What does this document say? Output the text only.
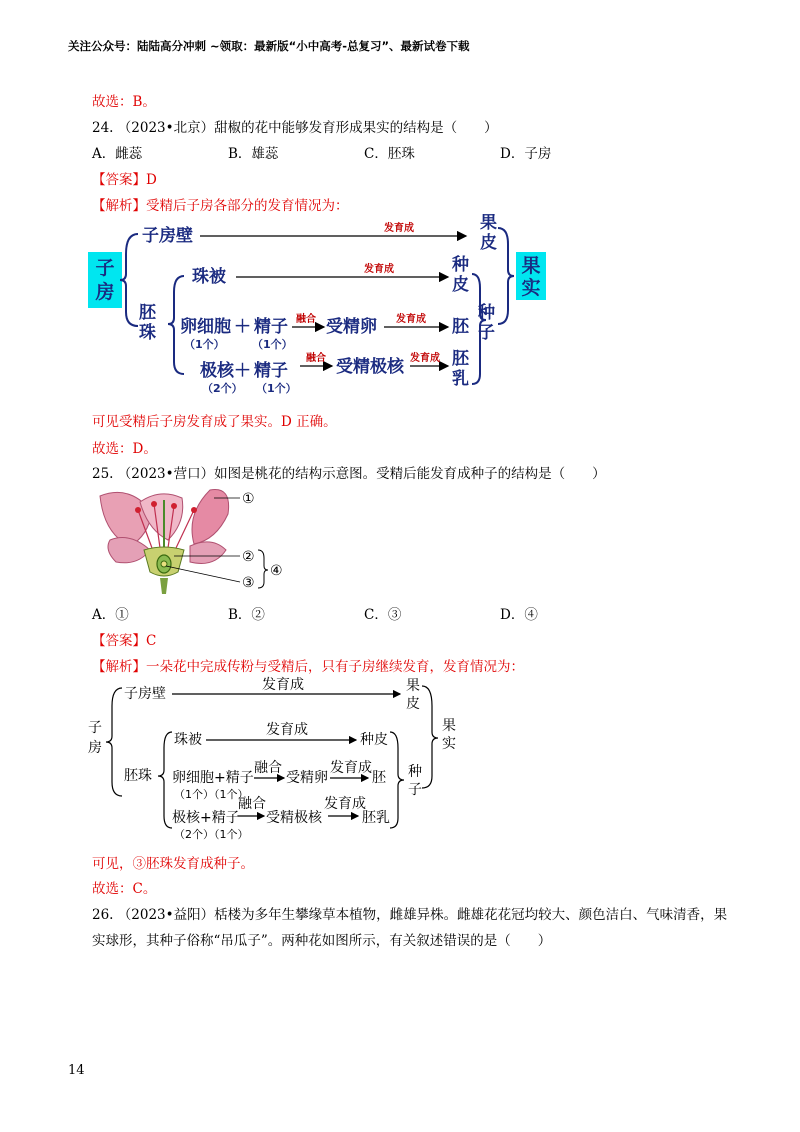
关注公众号：陆陆高分冲刺 ~领取：最新版“小中高考-总复习”、最新试卷下载
故选：B。
24. （2023•北京）甜椒的花中能够发育形成果实的结构是（　　）
A．雌蕊	B．雄蕊	C．胚珠	D．子房
【答案】D
【解析】受精后子房各部分的发育情况为：
子
房
子房壁	发育成	果
皮
胚
珠
珠被	发育成	种
皮
卵细胞 ＋ 精子
（1个） （1个）
融合 受精卵 发育成 胚
极核 ＋ 精子
（2个） （1个）
融合 受精极核 发育成 胚
乳
种
子
果
实
可见受精后子房发育成了果实。D 正确。
故选：D。
25. （2023•营口）如图是桃花的结构示意图。受精后能发育成种子的结构是（　　）
①
②
③
④
A．①	B．②	C．③	D．④
【答案】C
【解析】一朵花中完成传粉与受精后，只有子房继续发育，发育情况为：
子
房
子房壁
发育成	果
皮
胚珠
珠被
发育成
种皮
卵细胞+精子
（1个）（1个）
融合
受精卵
发育成
胚
极核+精子
（2个）（1个）
融合
受精极核
发育成
胚乳
种
子
果
实
可见，③胚珠发育成种子。
故选：C。
26. （2023•益阳）栝楼为多年生攀缘草本植物，雌雄异株。雌雄花花冠均较大、颜色洁白、气味清香，果
实球形，其种子俗称“吊瓜子”。两种花如图所示，有关叙述错误的是（　　）
14
